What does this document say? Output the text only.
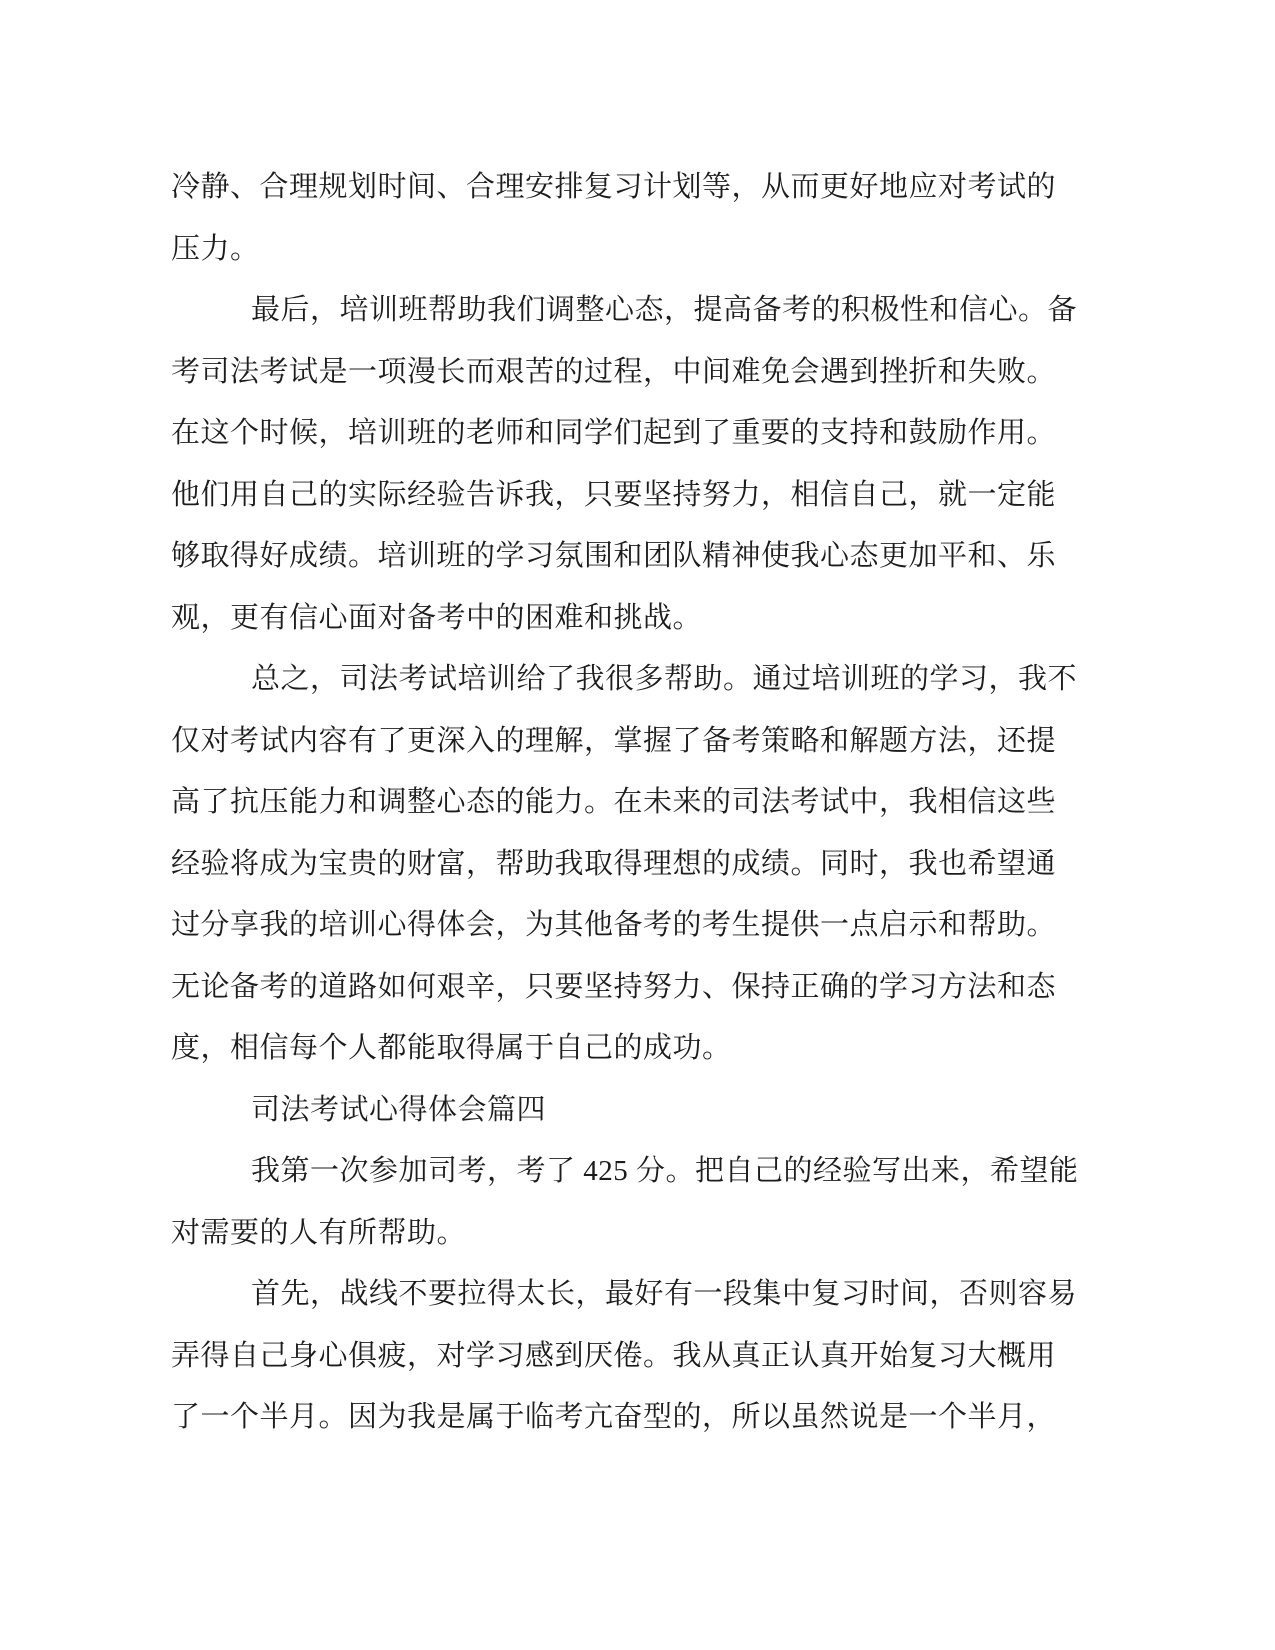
冷静、合理规划时间、合理安排复习计划等，从而更好地应对考试的
压力。
最后，培训班帮助我们调整心态，提高备考的积极性和信心。备
考司法考试是一项漫长而艰苦的过程，中间难免会遇到挫折和失败。
在这个时候，培训班的老师和同学们起到了重要的支持和鼓励作用。
他们用自己的实际经验告诉我，只要坚持努力，相信自己，就一定能
够取得好成绩。培训班的学习氛围和团队精神使我心态更加平和、乐
观，更有信心面对备考中的困难和挑战。
总之，司法考试培训给了我很多帮助。通过培训班的学习，我不
仅对考试内容有了更深入的理解，掌握了备考策略和解题方法，还提
高了抗压能力和调整心态的能力。在未来的司法考试中，我相信这些
经验将成为宝贵的财富，帮助我取得理想的成绩。同时，我也希望通
过分享我的培训心得体会，为其他备考的考生提供一点启示和帮助。
无论备考的道路如何艰辛，只要坚持努力、保持正确的学习方法和态
度，相信每个人都能取得属于自己的成功。
司法考试心得体会篇四
我第一次参加司考，考了 425 分。把自己的经验写出来，希望能
对需要的人有所帮助。
首先，战线不要拉得太长，最好有一段集中复习时间，否则容易
弄得自己身心俱疲，对学习感到厌倦。我从真正认真开始复习大概用
了一个半月。因为我是属于临考亢奋型的，所以虽然说是一个半月，
